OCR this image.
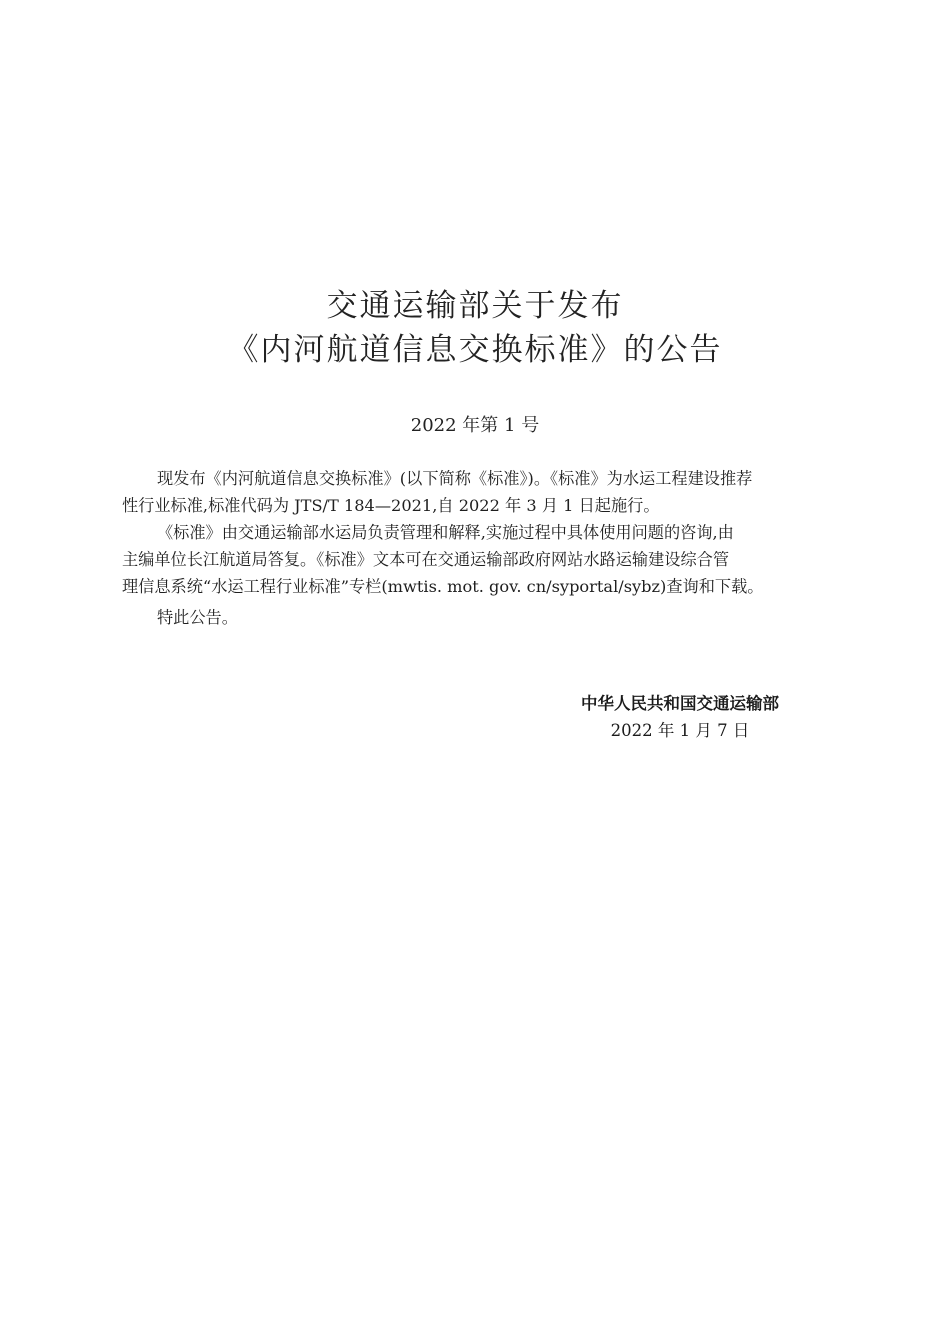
交通运输部关于发布
《内河航道信息交换标准》的公告
2022 年第 1 号
现发布《内河航道信息交换标准》(以下简称《标准》)。《标准》为水运工程建设推荐
性行业标准,标准代码为 JTS/T 184—2021,自 2022 年 3 月 1 日起施行。
《标准》由交通运输部水运局负责管理和解释,实施过程中具体使用问题的咨询,由
主编单位长江航道局答复。《标准》文本可在交通运输部政府网站水路运输建设综合管
理信息系统“水运工程行业标准”专栏(mwtis. mot. gov. cn/syportal/sybz)查询和下载。
特此公告。
中华人民共和国交通运输部
2022 年 1 月 7 日
